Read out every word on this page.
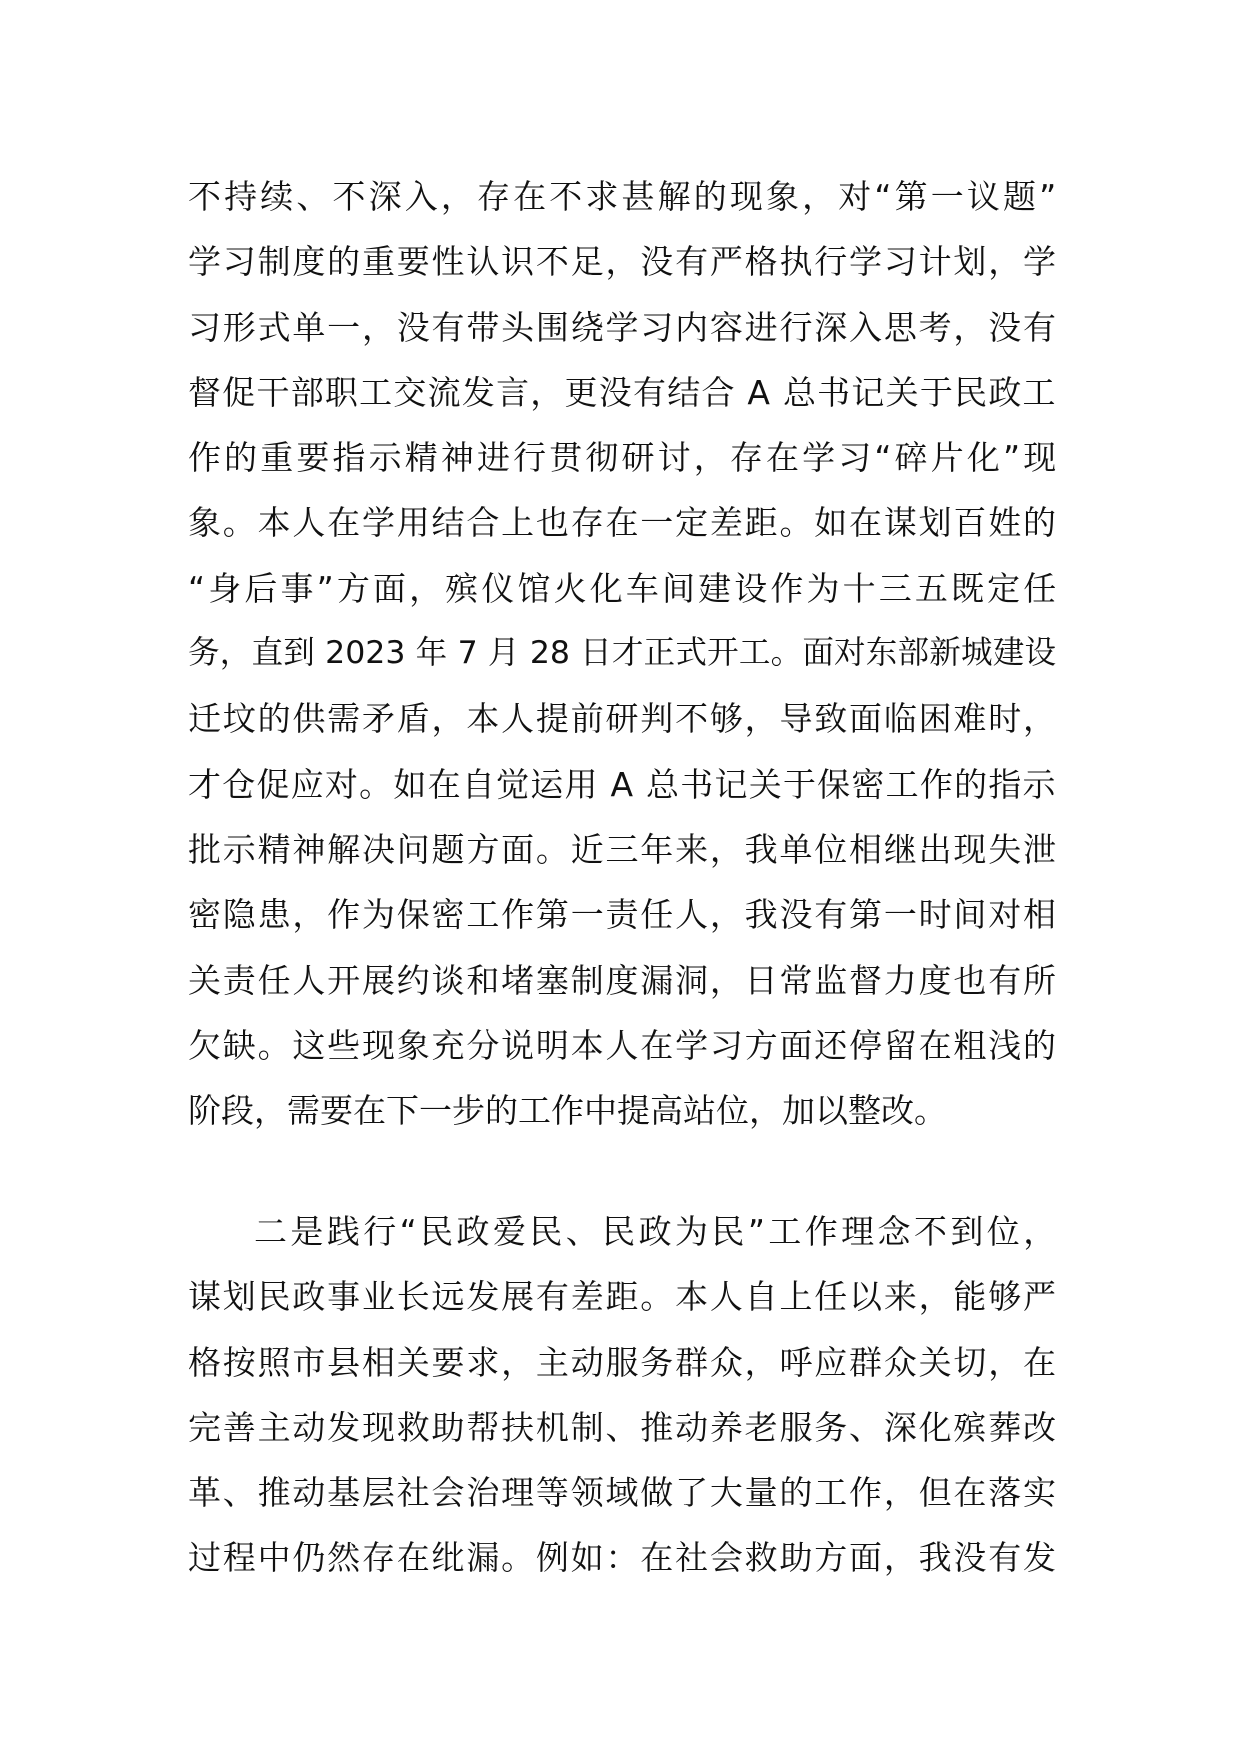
不持续、不深入，存在不求甚解的现象，对“第一议题”
学习制度的重要性认识不足，没有严格执行学习计划，学
习形式单一，没有带头围绕学习内容进行深入思考，没有
督促干部职工交流发言，更没有结合 A 总书记关于民政工
作的重要指示精神进行贯彻研讨，存在学习“碎片化”现
象。本人在学用结合上也存在一定差距。如在谋划百姓的
“身后事”方面，殡仪馆火化车间建设作为十三五既定任
务，直到 2023 年 7 月 28 日才正式开工。面对东部新城建设
迁坟的供需矛盾，本人提前研判不够，导致面临困难时，
才仓促应对。如在自觉运用 A 总书记关于保密工作的指示
批示精神解决问题方面。近三年来，我单位相继出现失泄
密隐患，作为保密工作第一责任人，我没有第一时间对相
关责任人开展约谈和堵塞制度漏洞，日常监督力度也有所
欠缺。这些现象充分说明本人在学习方面还停留在粗浅的
阶段，需要在下一步的工作中提高站位，加以整改。
二是践行“民政爱民、民政为民”工作理念不到位，
谋划民政事业长远发展有差距。本人自上任以来，能够严
格按照市县相关要求，主动服务群众，呼应群众关切，在
完善主动发现救助帮扶机制、推动养老服务、深化殡葬改
革、推动基层社会治理等领域做了大量的工作，但在落实
过程中仍然存在纰漏。例如：在社会救助方面，我没有发
